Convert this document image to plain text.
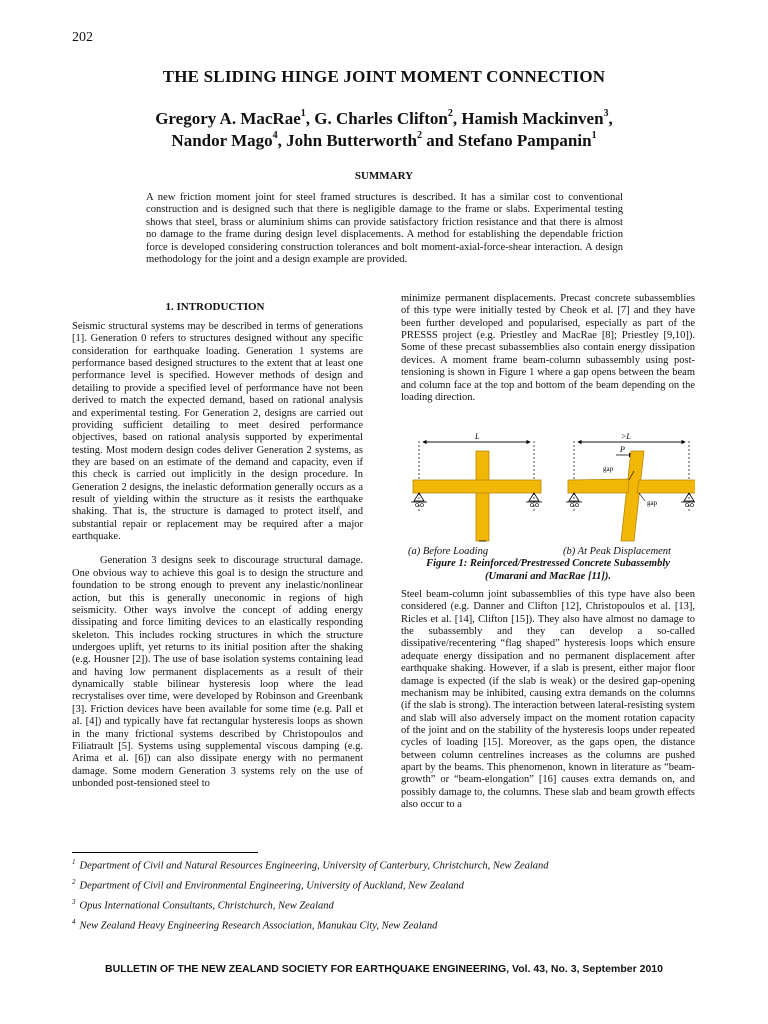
202
THE SLIDING HINGE JOINT MOMENT CONNECTION
Gregory A. MacRae$^1$, G. Charles Clifton$^2$, Hamish Mackinven$^3$,
Nandor Mago$^4$, John Butterworth$^2$ and Stefano Pampanin$^1$
SUMMARY
A new friction moment joint for steel framed structures is described. It has a similar cost to conventional construction and is designed such that there is negligible damage to the frame or slabs. Experimental testing shows that steel, brass or aluminium shims can provide satisfactory friction resistance and that there is almost no damage to the frame during design level displacements. A method for establishing the dependable friction force is developed considering construction tolerances and bolt moment-axial-force-shear interaction. A design methodology for the joint and a design example are provided.
1. INTRODUCTION

Seismic structural systems may be described in terms of generations [1]. Generation 0 refers to structures designed without any specific consideration for earthquake loading. Generation 1 systems are performance based designed structures to the extent that at least one performance level is specified. However methods of design and detailing to provide a specified level of performance have not been derived to match the expected demand, based on rational analysis and experimental testing. For Generation 2, designs are carried out providing sufficient detailing to meet desired performance objectives, based on rational analysis supported by experimental testing. Most modern design codes deliver Generation 2 systems, as they are based on an estimate of the demand and capacity, even if this check is carried out implicitly in the design procedure. In Generation 2 designs, the inelastic deformation generally occurs as a result of yielding within the structure as it resists the earthquake shaking. That is, the structure is damaged to protect itself, and substantial repair or replacement may be required after a major earthquake.

Generation 3 designs seek to discourage structural damage. One obvious way to achieve this goal is to design the structure and foundation to be strong enough to prevent any inelastic/nonlinear action, but this is generally uneconomic in regions of high seismicity. Other ways involve the concept of adding energy dissipating and force limiting devices to an elastically responding skeleton. This includes rocking structures in which the structure undergoes uplift, yet returns to its initial position after the shaking (e.g. Housner [2]). The use of base isolation systems containing lead and having low permanent displacements as a result of their dynamically stable bilinear hysteresis loop where the lead recrystalises over time, were developed by Robinson and Greenbank [3]. Friction devices have been available for some time (e.g. Pall et al. [4]) and typically have fat rectangular hysteresis loops as shown in the many frictional systems described by Christopoulos and Filiatrault [5]. Systems using supplemental viscous damping (e.g. Arima et al. [6]) can also dissipate energy with no permanent damage. Some modern Generation 3 systems rely on the use of unbonded post-tensioned steel to

minimize permanent displacements. Precast concrete subassemblies of this type were initially tested by Cheok et al. [7] and they have been further developed and popularised, especially as part of the PRESSS project (e.g. Priestley and MacRae [8]; Priestley [9,10]). Some of these precast subassemblies also contain energy dissipation devices. A moment frame beam-column subassembly using post-tensioning is shown in Figure 1 where a gap opens between the beam and column face at the top and bottom of the beam depending on the loading direction.

L	>L
P
gap
gap
(a) Before Loading	(b) At Peak Displacement
Figure 1: Reinforced/Prestressed Concrete Subassembly
(Umarani and MacRae [11]).

Steel beam-column joint subassemblies of this type have also been considered (e.g. Danner and Clifton [12], Christopoulos et al. [13], Ricles et al. [14], Clifton [15]). They also have almost no damage to the subassembly and they can develop a so-called dissipative/recentering “flag shaped” hysteresis loops which ensure adequate energy dissipation and no permanent displacement after earthquake shaking. However, if a slab is present, either major floor damage is expected (if the slab is weak) or the desired gap-opening mechanism may be inhibited, causing extra demands on the columns (if the slab is strong). The interaction between lateral-resisting system and slab will also adversely impact on the moment rotation capacity of the joint and on the stability of the hysteresis loops under repeated cycles of loading [15]. Moreover, as the gaps open, the distance between column centrelines increases as the columns are pushed apart by the beams. This phenomenon, known in literature as “beam-growth” or “beam-elongation” [16] causes extra demands on, and possibly damage to, the columns. These slab and beam growth effects also occur to a

$^1$ Department of Civil and Natural Resources Engineering, University of Canterbury, Christchurch, New Zealand
$^2$ Department of Civil and Environmental Engineering, University of Auckland, New Zealand
$^3$ Opus International Consultants, Christchurch, New Zealand
$^4$ New Zealand Heavy Engineering Research Association, Manukau City, New Zealand
BULLETIN OF THE NEW ZEALAND SOCIETY FOR EARTHQUAKE ENGINEERING, Vol. 43, No. 3, September 2010
